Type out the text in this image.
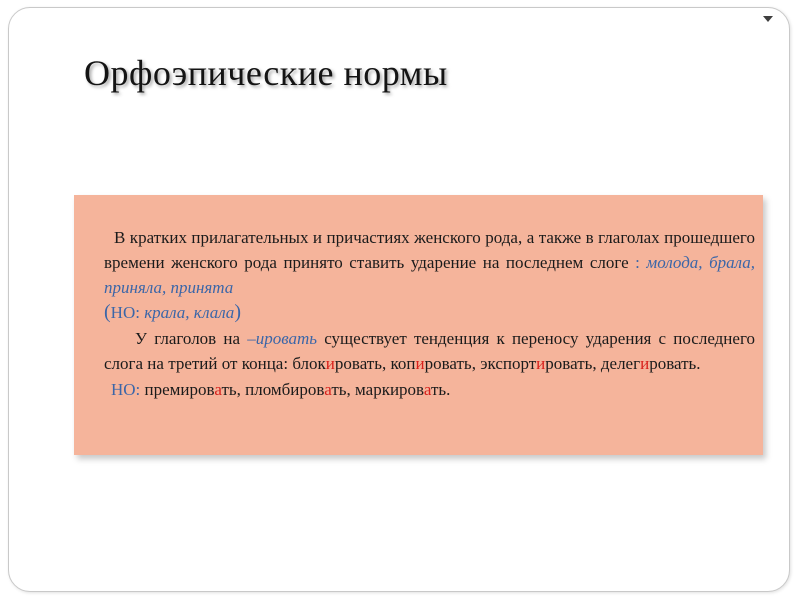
Орфоэпические нормы

В кратких прилагательных и причастиях женского рода, а также в глаголах прошедшего времени женского рода принято ставить ударение на последнем слоге : молода, брала, приняла, принята
(НО: крала, клала)

У глаголов на –ировать существует тенденция к переносу ударения с последнего слога на третий от конца: блокировать, копировать, экспортировать, делегировать.

НО: премировать, пломбировать, маркировать.
